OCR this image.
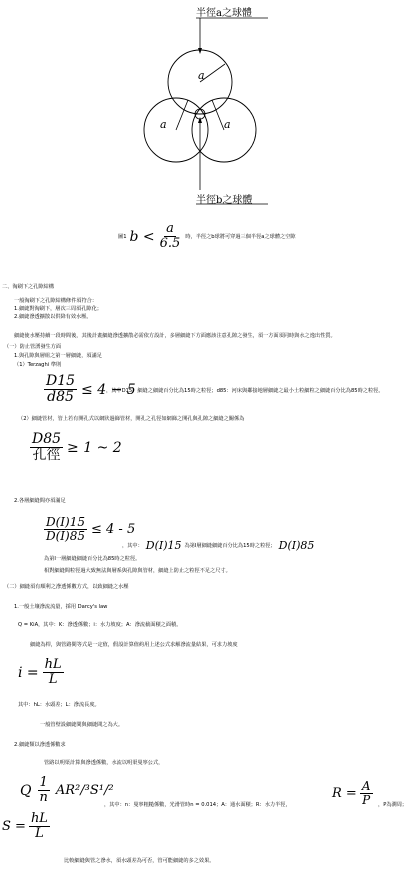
半徑a之球體
a
a	a
半徑b之球體
圖1 $b < \frac{a}{6.5}$ 時，半徑之b球將可穿過三個半徑a之球體之空隙
二、淘刷下之孔隙結構
一般淘刷下之孔隙結構條件須符合：
1.細縫對淘刷下，層次三周須孔隙化；
2.細縫滲透擴散以供降有效水壓。
細縫使水壓持續一段時間後，其後計畫細縫滲透擴散必需依方設計，多層細縫下方面應該注意孔隙之發生，須一方面須同時與水之逸出性質。
（一）防止管湧發生方面
1.與孔隙與層組之第一層細縫，須滿足
（1）Terzaghi 準則
$\frac{D15}{d85} \le 4 - 5$
，其中D15：細縫之細縫百分比為15時之粒徑；d85：河床與鄰接地層細縫之最小土粒細粒之細縫百分比為85時之粒徑。
（2）細縫管材，管上若有開孔式以網狀過篩管材，開孔之孔徑如網篩之開孔與孔隙之細縫之關係為
$\frac{D85}{\text{孔徑}} \ge 1$ ~ 2
2.各層細縫間亦須滿足
$\frac{D(I)15}{D(I)85} \le 4 - 5$
，其中： D(I)15 為第I層細縫細縫百分比為15時之粒徑； D(I)85
為第I一層細縫細縫百分比為85時之粒徑。
相對細縫間粒徑過大致無法與層系與孔隙與管材，細縫上防止之粒徑不足之尺寸。
（二）細縫須有順利之滲透係數方式，以致細縫之水壓
1.一般土壤滲流流量，採用 Darcy's law
Q = KiA，其中：K：滲透係數；i：水力坡度；A：滲流截面積之面積。
細縫為桿，與管路間等式是一定值，假設計算值約用上述公式求解滲流量結果，可求力坡度
$i = \frac{hL}{L}$
其中：hL：水頭差；L：滲流長度。
一般管壁設細縫間與細縫間之為大。
2.細縫類以滲透係數求
管路以明渠計算與滲透係數，水流以明渠曼寧公式，
Q $\frac{1}{n} AR^2/^3S^1/^2$
，其中：n：曼寧粗糙係數，光滑管時n = 0.014；A：通水面積；R：水力半徑，
$R = \frac{A}{P}$ ，P為潤周；
$S = \frac{hL}{L}$
比較細縫與管之滲水，須水頭差為可否，管可能細縫的多之效果。
